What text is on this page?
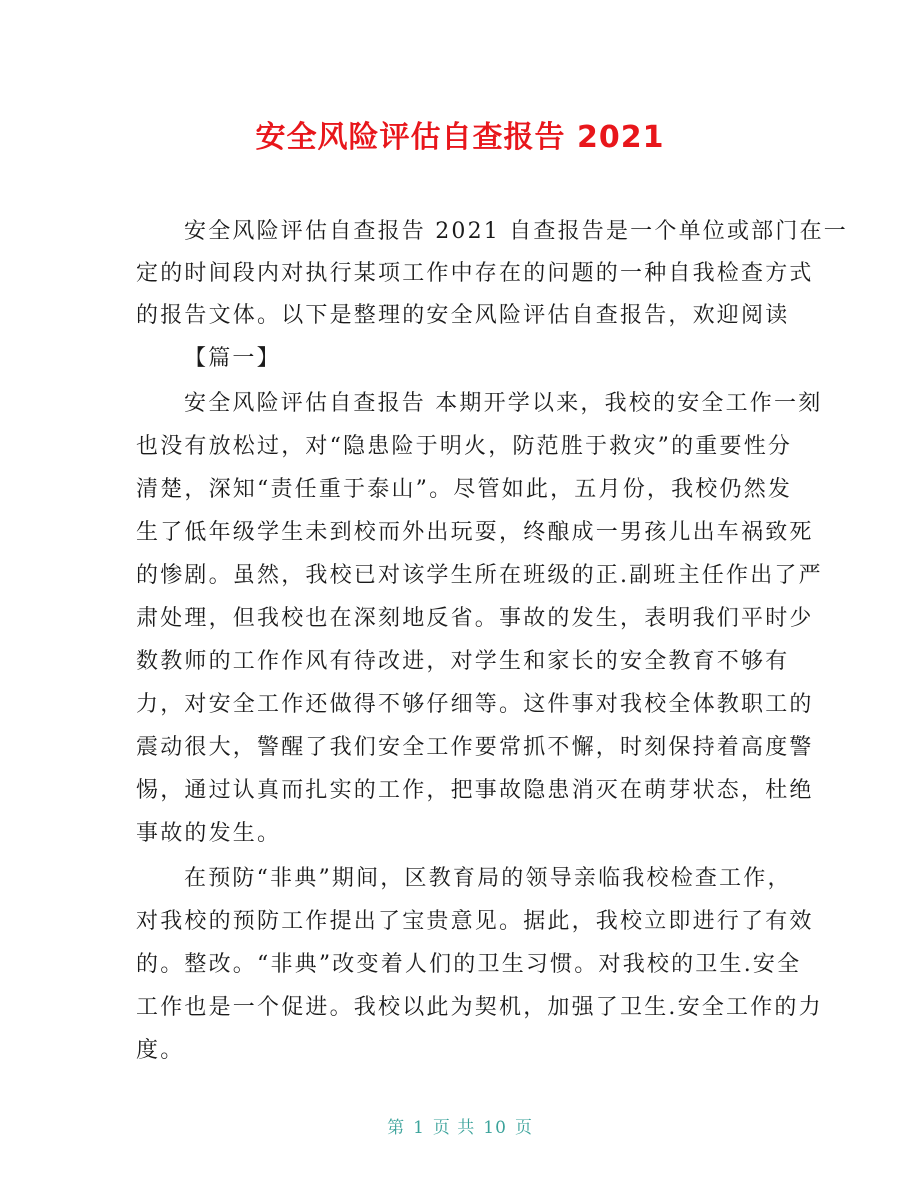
安全风险评估自查报告 2021
安全风险评估自查报告 2021 自查报告是一个单位或部门在一
定的时间段内对执行某项工作中存在的问题的一种自我检查方式
的报告文体。以下是整理的安全风险评估自查报告，欢迎阅读
【篇一】
安全风险评估自查报告 本期开学以来，我校的安全工作一刻
也没有放松过，对“隐患险于明火，防范胜于救灾”的重要性分
清楚，深知“责任重于泰山”。尽管如此，五月份，我校仍然发
生了低年级学生未到校而外出玩耍，终酿成一男孩儿出车祸致死
的惨剧。虽然，我校已对该学生所在班级的正.副班主任作出了严
肃处理，但我校也在深刻地反省。事故的发生，表明我们平时少
数教师的工作作风有待改进，对学生和家长的安全教育不够有
力，对安全工作还做得不够仔细等。这件事对我校全体教职工的
震动很大，警醒了我们安全工作要常抓不懈，时刻保持着高度警
惕，通过认真而扎实的工作，把事故隐患消灭在萌芽状态，杜绝
事故的发生。
在预防“非典”期间，区教育局的领导亲临我校检查工作，
对我校的预防工作提出了宝贵意见。据此，我校立即进行了有效
的。整改。“非典”改变着人们的卫生习惯。对我校的卫生.安全
工作也是一个促进。我校以此为契机，加强了卫生.安全工作的力
度。
第 1 页 共 10 页
